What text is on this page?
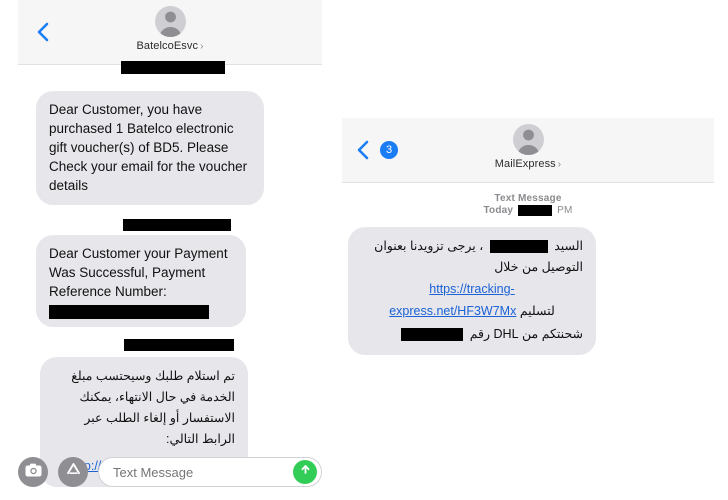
BatelcoEsvc ›
Dear Customer, you have purchased 1 Batelco electronic gift voucher(s) of BD5. Please Check your email for the voucher details
Dear Customer your Payment Was Successful, Payment Reference Number:
تم استلام طلبك وسيحتسب مبلغ الخدمة في حال الانتهاء، يمكنك الاستفسار أو إلغاء الطلب عبر الرابط التالي:
Text Message
3
MailExpress ›
Text Message
Today	PM
السيد  ، يرجى تزويدنا بعنوان التوصيل من خلال
https://tracking-
لتسليم express.net/HF3W7Mx
شحنتكم من DHL رقم
